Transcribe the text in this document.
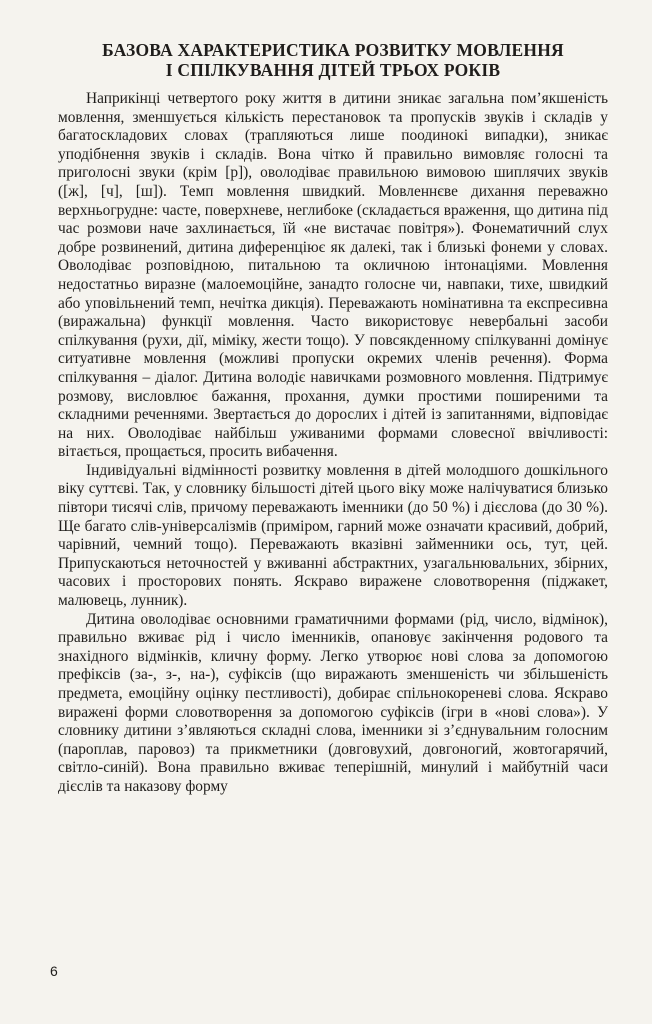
БАЗОВА ХАРАКТЕРИСТИКА РОЗВИТКУ МОВЛЕННЯ
І СПІЛКУВАННЯ ДІТЕЙ ТРЬОХ РОКІВ

Наприкінці четвертого року життя в дитини зникає загальна пом’якшеність мовлення, зменшується кількість перестановок та пропусків звуків і складів у багатоскладових словах (трапляються лише поодинокі випадки), зникає уподібнення звуків і складів. Вона чітко й правильно вимовляє голосні та приголосні звуки (крім [р]), оволодіває правильною вимовою шиплячих звуків ([ж], [ч], [ш]). Темп мовлення швидкий. Мовленнєве дихання переважно верхньогрудне: часте, поверхневе, неглибоке (складається враження, що дитина під час розмови наче захлинається, їй «не вистачає повітря»). Фонематичний слух добре розвинений, дитина диференціює як далекі, так і близькі фонеми у словах. Оволодіває розповідною, питальною та окличною інтонаціями. Мовлення недостатньо виразне (малоемоційне, занадто голосне чи, навпаки, тихе, швидкий або уповільнений темп, нечітка дикція). Переважають номінативна та експресивна (виражальна) функції мовлення. Часто використовує невербальні засоби спілкування (рухи, дії, міміку, жести тощо). У повсякденному спілкуванні домінує ситуативне мовлення (можливі пропуски окремих членів речення). Форма спілкування – діалог. Дитина володіє навичками розмовного мовлення. Підтримує розмову, висловлює бажання, прохання, думки простими поширеними та складними реченнями. Звертається до дорослих і дітей із запитаннями, відповідає на них. Оволодіває найбільш уживаними формами словесної ввічливості: вітається, прощається, просить вибачення.

Індивідуальні відмінності розвитку мовлення в дітей молодшого дошкільного віку суттєві. Так, у словнику більшості дітей цього віку може налічуватися близько півтори тисячі слів, причому переважають іменники (до 50 %) і дієслова (до 30 %). Ще багато слів-універсалізмів (приміром, гарний може означати красивий, добрий, чарівний, чемний тощо). Переважають вказівні займенники ось, тут, цей. Припускаються неточностей у вживанні абстрактних, узагальнювальних, збірних, часових і просторових понять. Яскраво виражене словотворення (піджакет, малювець, лунник).

Дитина оволодіває основними граматичними формами (рід, число, відмінок), правильно вживає рід і число іменників, опановує закінчення родового та знахідного відмінків, кличну форму. Легко утворює нові слова за допомогою префіксів (за-, з-, на-), суфіксів (що виражають зменшеність чи збільшеність предмета, емоційну оцінку пестливості), добирає спільнокореневі слова. Яскраво виражені форми словотворення за допомогою суфіксів (ігри в «нові слова»). У словнику дитини з’являються складні слова, іменники зі з’єднувальним голосним (пароплав, паровоз) та прикметники (довговухий, довгоногий, жовтогарячий, світло-синій). Вона правильно вживає теперішній, минулий і майбутній часи дієслів та наказову форму

6
